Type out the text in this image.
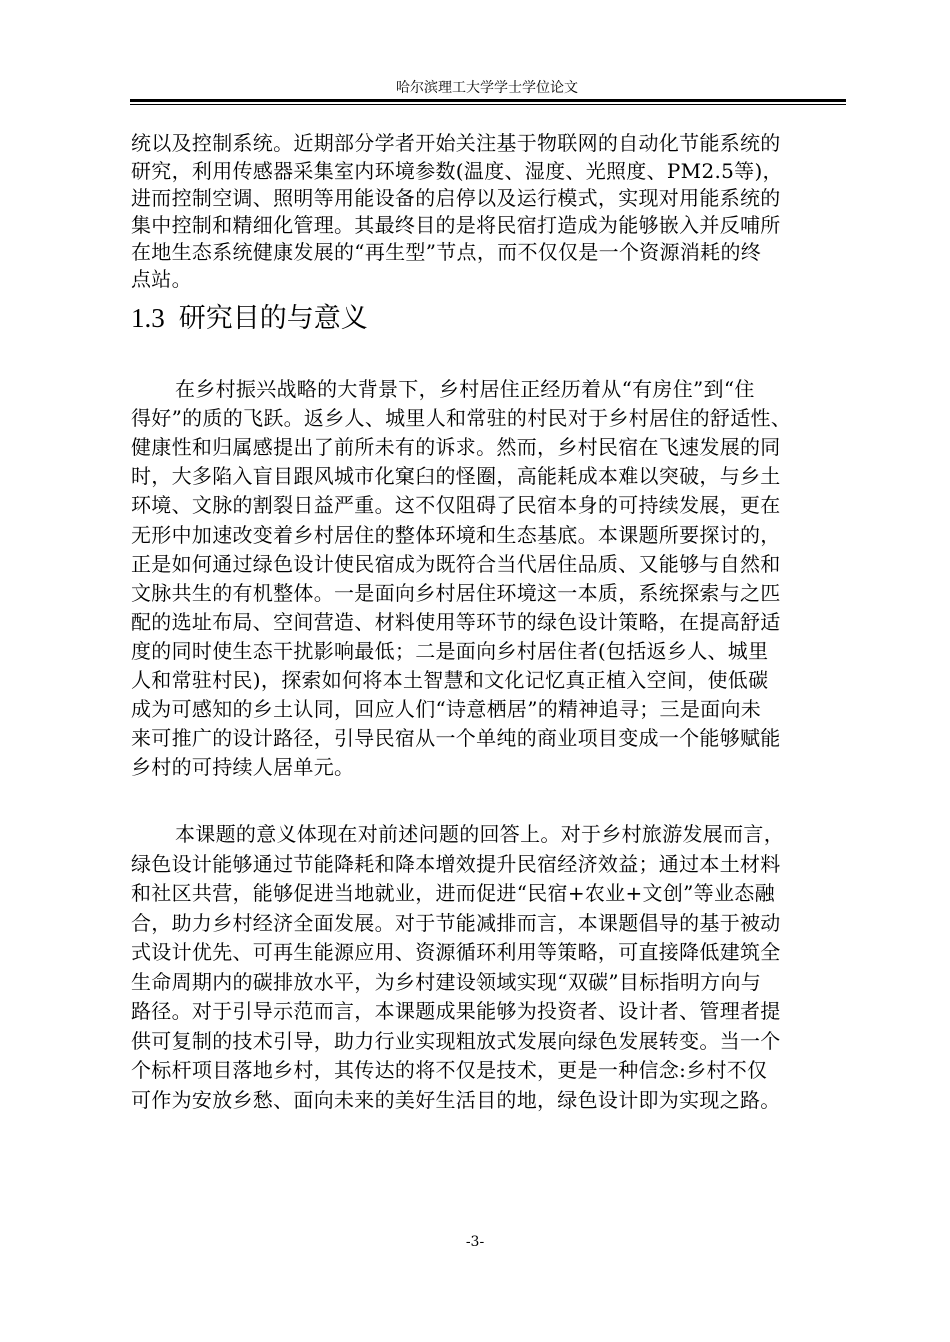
哈尔滨理工大学学士学位论文
统以及控制系统。近期部分学者开始关注基于物联网的自动化节能系统的
研究，利用传感器采集室内环境参数(温度、湿度、光照度、PM2.5等)，
进而控制空调、照明等用能设备的启停以及运行模式，实现对用能系统的
集中控制和精细化管理。其最终目的是将民宿打造成为能够嵌入并反哺所
在地生态系统健康发展的“再生型”节点，而不仅仅是一个资源消耗的终
点站。
1.3 研究目的与意义
在乡村振兴战略的大背景下，乡村居住正经历着从“有房住”到“住
得好”的质的飞跃。返乡人、城里人和常驻的村民对于乡村居住的舒适性、
健康性和归属感提出了前所未有的诉求。然而，乡村民宿在飞速发展的同
时，大多陷入盲目跟风城市化窠臼的怪圈，高能耗成本难以突破，与乡土
环境、文脉的割裂日益严重。这不仅阻碍了民宿本身的可持续发展，更在
无形中加速改变着乡村居住的整体环境和生态基底。本课题所要探讨的，
正是如何通过绿色设计使民宿成为既符合当代居住品质、又能够与自然和
文脉共生的有机整体。一是面向乡村居住环境这一本质，系统探索与之匹
配的选址布局、空间营造、材料使用等环节的绿色设计策略，在提高舒适
度的同时使生态干扰影响最低；二是面向乡村居住者(包括返乡人、城里
人和常驻村民)，探索如何将本土智慧和文化记忆真正植入空间，使低碳
成为可感知的乡土认同，回应人们“诗意栖居”的精神追寻；三是面向未
来可推广的设计路径，引导民宿从一个单纯的商业项目变成一个能够赋能
乡村的可持续人居单元。
本课题的意义体现在对前述问题的回答上。对于乡村旅游发展而言，
绿色设计能够通过节能降耗和降本增效提升民宿经济效益；通过本土材料
和社区共营，能够促进当地就业，进而促进“民宿+农业+文创”等业态融
合，助力乡村经济全面发展。对于节能减排而言，本课题倡导的基于被动
式设计优先、可再生能源应用、资源循环利用等策略，可直接降低建筑全
生命周期内的碳排放水平，为乡村建设领域实现“双碳”目标指明方向与
路径。对于引导示范而言，本课题成果能够为投资者、设计者、管理者提
供可复制的技术引导，助力行业实现粗放式发展向绿色发展转变。当一个
个标杆项目落地乡村，其传达的将不仅是技术，更是一种信念:乡村不仅
可作为安放乡愁、面向未来的美好生活目的地，绿色设计即为实现之路。
-3-
